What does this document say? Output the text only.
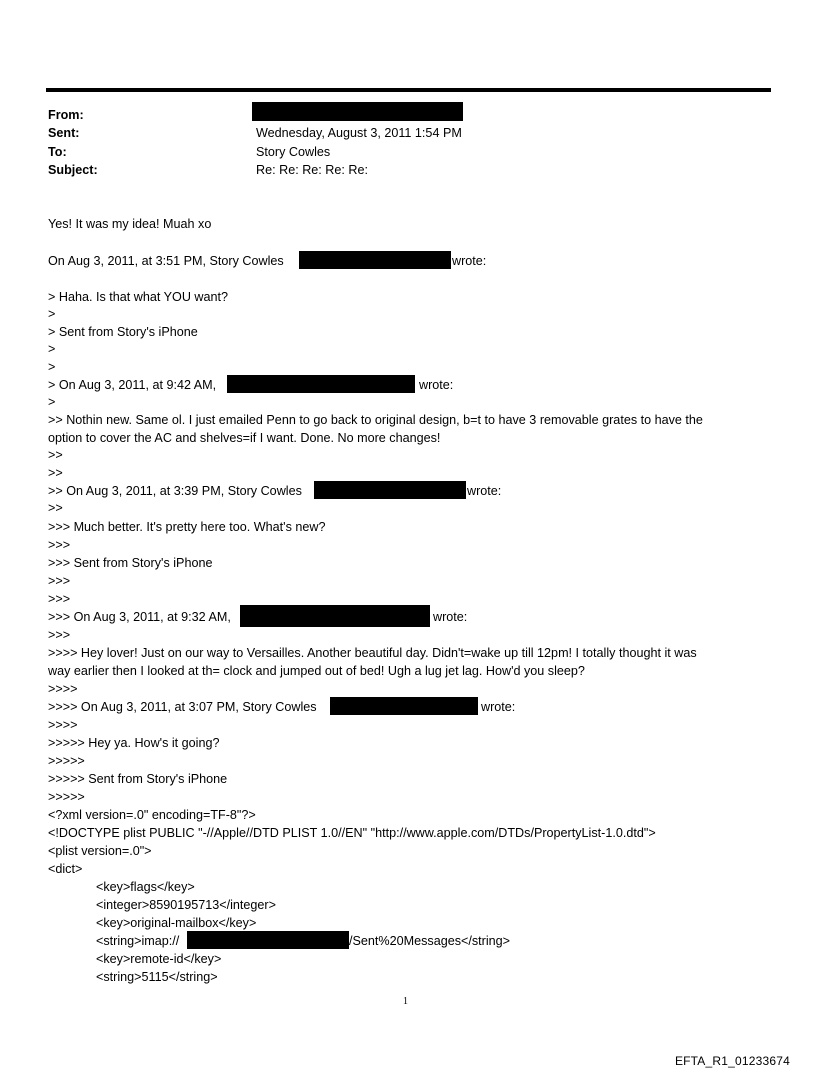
From:
Sent:	Wednesday, August 3, 2011 1:54 PM
To:	Story Cowles
Subject:	Re: Re: Re: Re: Re:
Yes! It was my idea! Muah xo
On Aug 3, 2011, at 3:51 PM, Story Cowles	wrote:
> Haha. Is that what YOU want?
>
> Sent from Story's iPhone
>
>
> On Aug 3, 2011, at 9:42 AM,	wrote:
>
>> Nothin new. Same ol. I just emailed Penn to go back to original design, b=t to have 3 removable grates to have the
option to cover the AC and shelves=if I want. Done. No more changes!
>>
>>
>> On Aug 3, 2011, at 3:39 PM, Story Cowles	wrote:
>>
>>> Much better. It's pretty here too. What's new?
>>>
>>> Sent from Story's iPhone
>>>
>>>
>>> On Aug 3, 2011, at 9:32 AM,	wrote:
>>>
>>>> Hey lover! Just on our way to Versailles. Another beautiful day. Didn't=wake up till 12pm! I totally thought it was
way earlier then I looked at th= clock and jumped out of bed! Ugh a lug jet lag. How'd you sleep?
>>>>
>>>> On Aug 3, 2011, at 3:07 PM, Story Cowles	wrote:
>>>>
>>>>> Hey ya. How's it going?
>>>>>
>>>>> Sent from Story's iPhone
>>>>>
<?xml version=.0" encoding=TF-8"?>
<!DOCTYPE plist PUBLIC "-//Apple//DTD PLIST 1.0//EN" "http://www.apple.com/DTDs/PropertyList-1.0.dtd">
<plist version=.0">
<dict>
<key>flags</key>
<integer>8590195713</integer>
<key>original-mailbox</key>
<string>imap://	/Sent%20Messages</string>
<key>remote-id</key>
<string>5115</string>
1
EFTA_R1_01233674
